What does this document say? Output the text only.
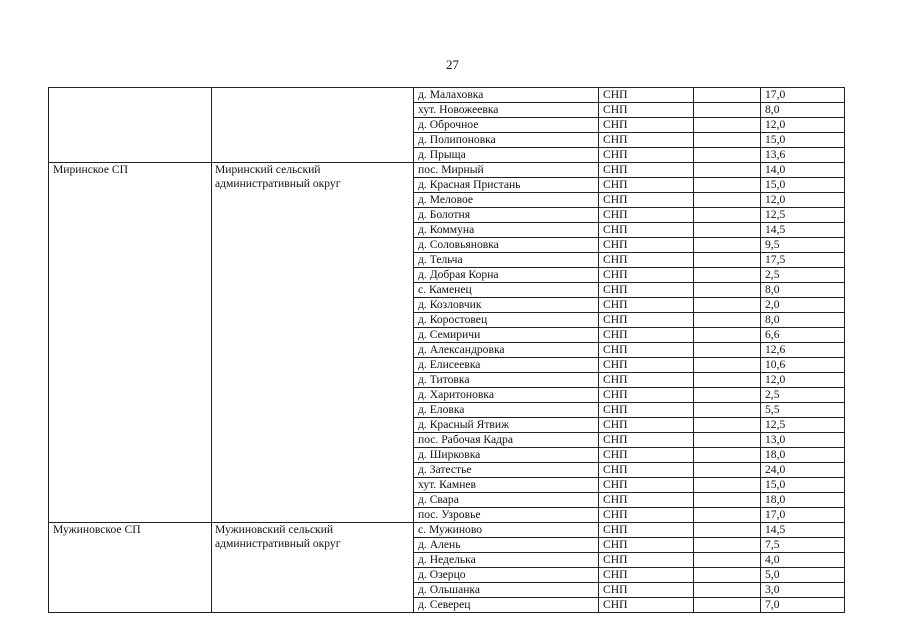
27
		д. Малаховка	СНП		17,0
		хут. Новожеевка	СНП		8,0
		д. Оброчное	СНП		12,0
		д. Полипоновка	СНП		15,0
		д. Прыща	СНП		13,6
Миринское СП	Миринский сельский административный округ	пос. Мирный	СНП		14,0
		д. Красная Пристань	СНП		15,0
		д. Меловое	СНП		12,0
		д. Болотня	СНП		12,5
		д. Коммуна	СНП		14,5
		д. Соловьяновка	СНП		9,5
		д. Тельча	СНП		17,5
		д. Добрая Корна	СНП		2,5
		с. Каменец	СНП		8,0
		д. Козловчик	СНП		2,0
		д. Коростовец	СНП		8,0
		д. Семиричи	СНП		6,6
		д. Александровка	СНП		12,6
		д. Елисеевка	СНП		10,6
		д. Титовка	СНП		12,0
		д. Харитоновка	СНП		2,5
		д. Еловка	СНП		5,5
		д. Красный Ятвиж	СНП		12,5
		пос. Рабочая Кадра	СНП		13,0
		д. Ширковка	СНП		18,0
		д. Затестье	СНП		24,0
		хут. Камнев	СНП		15,0
		д. Свара	СНП		18,0
		пос. Узровье	СНП		17,0
Мужиновское СП	Мужиновский сельский административный округ	с. Мужиново	СНП		14,5
		д. Алень	СНП		7,5
		д. Неделька	СНП		4,0
		д. Озерцо	СНП		5,0
		д. Ольшанка	СНП		3,0
		д. Северец	СНП		7,0
